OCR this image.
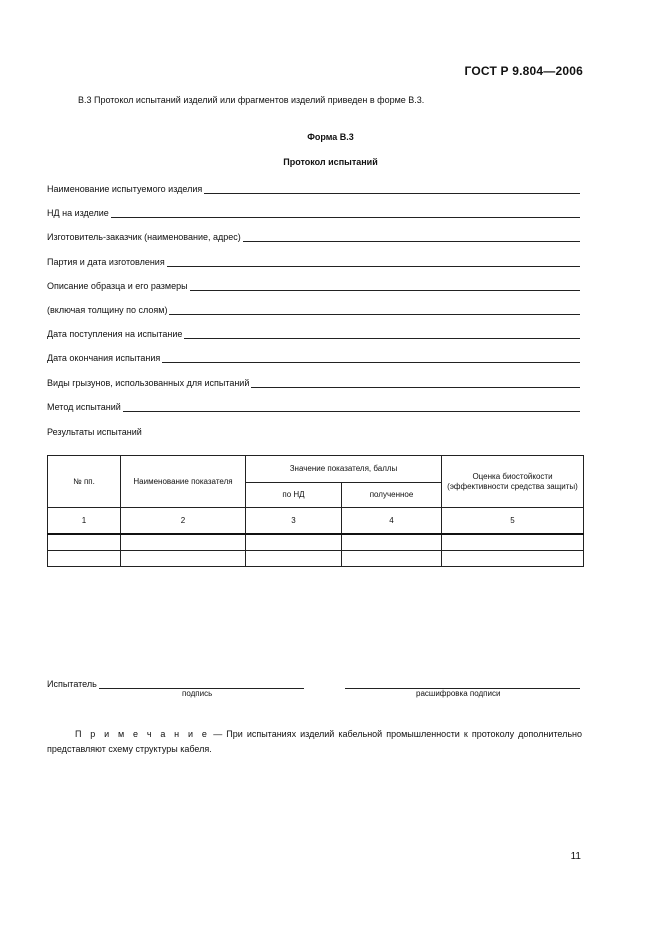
ГОСТ Р 9.804—2006
В.3 Протокол испытаний изделий или фрагментов изделий приведен в форме В.3.
Форма В.3
Протокол испытаний
Наименование испытуемого изделия
НД на изделие
Изготовитель-заказчик (наименование, адрес)
Партия и дата изготовления
Описание образца и его размеры
(включая толщину по слоям)
Дата поступления на испытание
Дата окончания испытания
Виды грызунов, использованных для испытаний
Метод испытаний
Результаты испытаний
№ пп.	Наименование показателя	Значение показателя, баллы		Оценка биостойкости (эффективности средства защиты)
		по НД	полученное	
1	2	3	4	5

Испытатель
подпись	расшифровка подписи
П р и м е ч а н и е — При испытаниях изделий кабельной промышленности к протоколу дополнительно представляют схему структуры кабеля.
11
